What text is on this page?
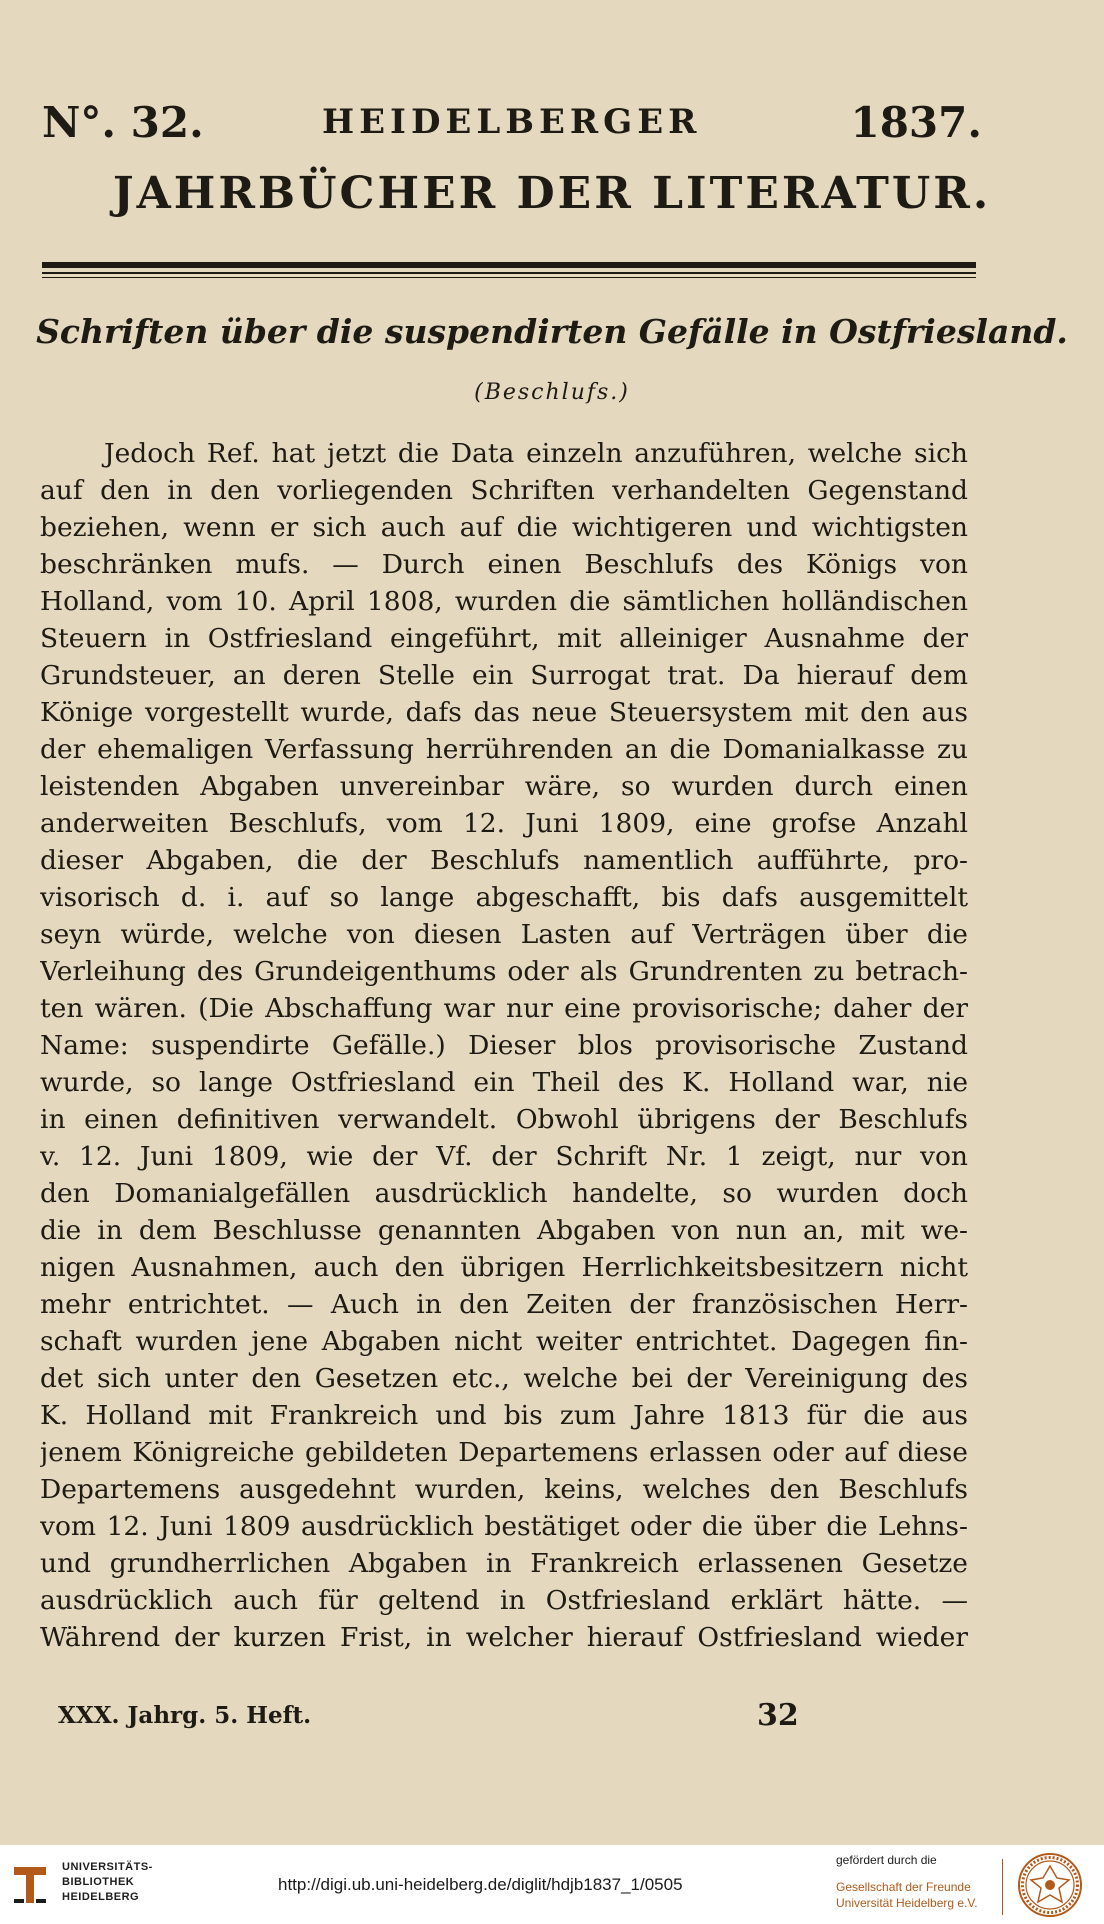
N°. 32.	HEIDELBERGER	1837.
JAHRBÜCHER DER LITERATUR.
Schriften über die suspendirten Gefälle in Ostfriesland.
(Beschlufs.)
Jedoch Ref. hat jetzt die Data einzeln anzuführen, welche sich
auf den in den vorliegenden Schriften verhandelten Gegenstand
beziehen, wenn er sich auch auf die wichtigeren und wichtigsten
beschränken mufs. — Durch einen Beschlufs des Königs von
Holland, vom 10. April 1808, wurden die sämtlichen holländischen
Steuern in Ostfriesland eingeführt, mit alleiniger Ausnahme der
Grundsteuer, an deren Stelle ein Surrogat trat. Da hierauf dem
Könige vorgestellt wurde, dafs das neue Steuersystem mit den aus
der ehemaligen Verfassung herrührenden an die Domanialkasse zu
leistenden Abgaben unvereinbar wäre, so wurden durch einen
anderweiten Beschlufs, vom 12. Juni 1809, eine grofse Anzahl
dieser Abgaben, die der Beschlufs namentlich aufführte, pro-
visorisch d. i. auf so lange abgeschafft, bis dafs ausgemittelt
seyn würde, welche von diesen Lasten auf Verträgen über die
Verleihung des Grundeigenthums oder als Grundrenten zu betrach-
ten wären. (Die Abschaffung war nur eine provisorische; daher der
Name: suspendirte Gefälle.) Dieser blos provisorische Zustand
wurde, so lange Ostfriesland ein Theil des K. Holland war, nie
in einen definitiven verwandelt. Obwohl übrigens der Beschlufs
v. 12. Juni 1809, wie der Vf. der Schrift Nr. 1 zeigt, nur von
den Domanialgefällen ausdrücklich handelte, so wurden doch
die in dem Beschlusse genannten Abgaben von nun an, mit we-
nigen Ausnahmen, auch den übrigen Herrlichkeitsbesitzern nicht
mehr entrichtet. — Auch in den Zeiten der französischen Herr-
schaft wurden jene Abgaben nicht weiter entrichtet. Dagegen fin-
det sich unter den Gesetzen etc., welche bei der Vereinigung des
K. Holland mit Frankreich und bis zum Jahre 1813 für die aus
jenem Königreiche gebildeten Departemens erlassen oder auf diese
Departemens ausgedehnt wurden, keins, welches den Beschlufs
vom 12. Juni 1809 ausdrücklich bestätiget oder die über die Lehns-
und grundherrlichen Abgaben in Frankreich erlassenen Gesetze
ausdrücklich auch für geltend in Ostfriesland erklärt hätte. —
Während der kurzen Frist, in welcher hierauf Ostfriesland wieder
XXX. Jahrg. 5. Heft.	32
UNIVERSITÄTS-
BIBLIOTHEK
HEIDELBERG
http://digi.ub.uni-heidelberg.de/diglit/hdjb1837_1/0505
gefördert durch die
Gesellschaft der Freunde
Universität Heidelberg e.V.
